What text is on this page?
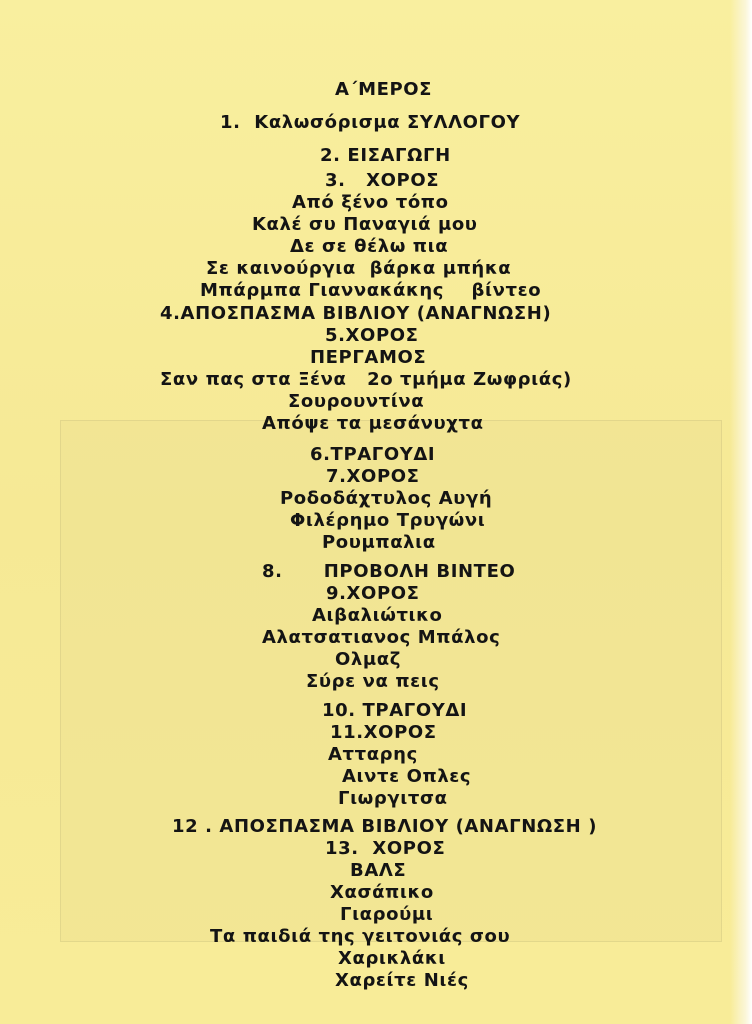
Α΄ΜΕΡΟΣ
1.  Καλωσόρισμα ΣΥΛΛΟΓΟΥ
2. ΕΙΣΑΓΩΓΗ
3.   ΧΟΡΟΣ
Από ξένο τόπο
Καλέ συ Παναγιά μου
Δε σε θέλω πια
Σε καινούργια  βάρκα μπήκα
Μπάρμπα Γιαννακάκης    βίντεο
4.ΑΠΟΣΠΑΣΜΑ ΒΙΒΛΙΟΥ (ΑΝΑΓΝΩΣΗ)
5.ΧΟΡΟΣ
ΠΕΡΓΑΜΟΣ
Σαν πας στα Ξένα   2ο τμήμα Ζωφριάς)
Σουρουντίνα
Απόψε τα μεσάνυχτα
6.ΤΡΑΓΟΥΔΙ
7.ΧΟΡΟΣ
Ροδοδάχτυλος Αυγή
Φιλέρημο Τρυγώνι
Ρουμπαλια
8.      ΠΡΟΒΟΛΗ ΒΙΝΤΕΟ
9.ΧΟΡΟΣ
Αιβαλιώτικο
Αλατσατιανος Μπάλος
Ολμαζ
Σύρε να πεις
10. ΤΡΑΓΟΥΔΙ
11.ΧΟΡΟΣ
Ατταρης
Αιντε Οπλες
Γιωργιτσα
12 . ΑΠΟΣΠΑΣΜΑ ΒΙΒΛΙΟΥ (ΑΝΑΓΝΩΣΗ )
13.  ΧΟΡΟΣ
ΒΑΛΣ
Χασάπικο
Γιαρούμι
Τα παιδιά της γειτονιάς σου
Χαρικλάκι
Χαρείτε Νιές
